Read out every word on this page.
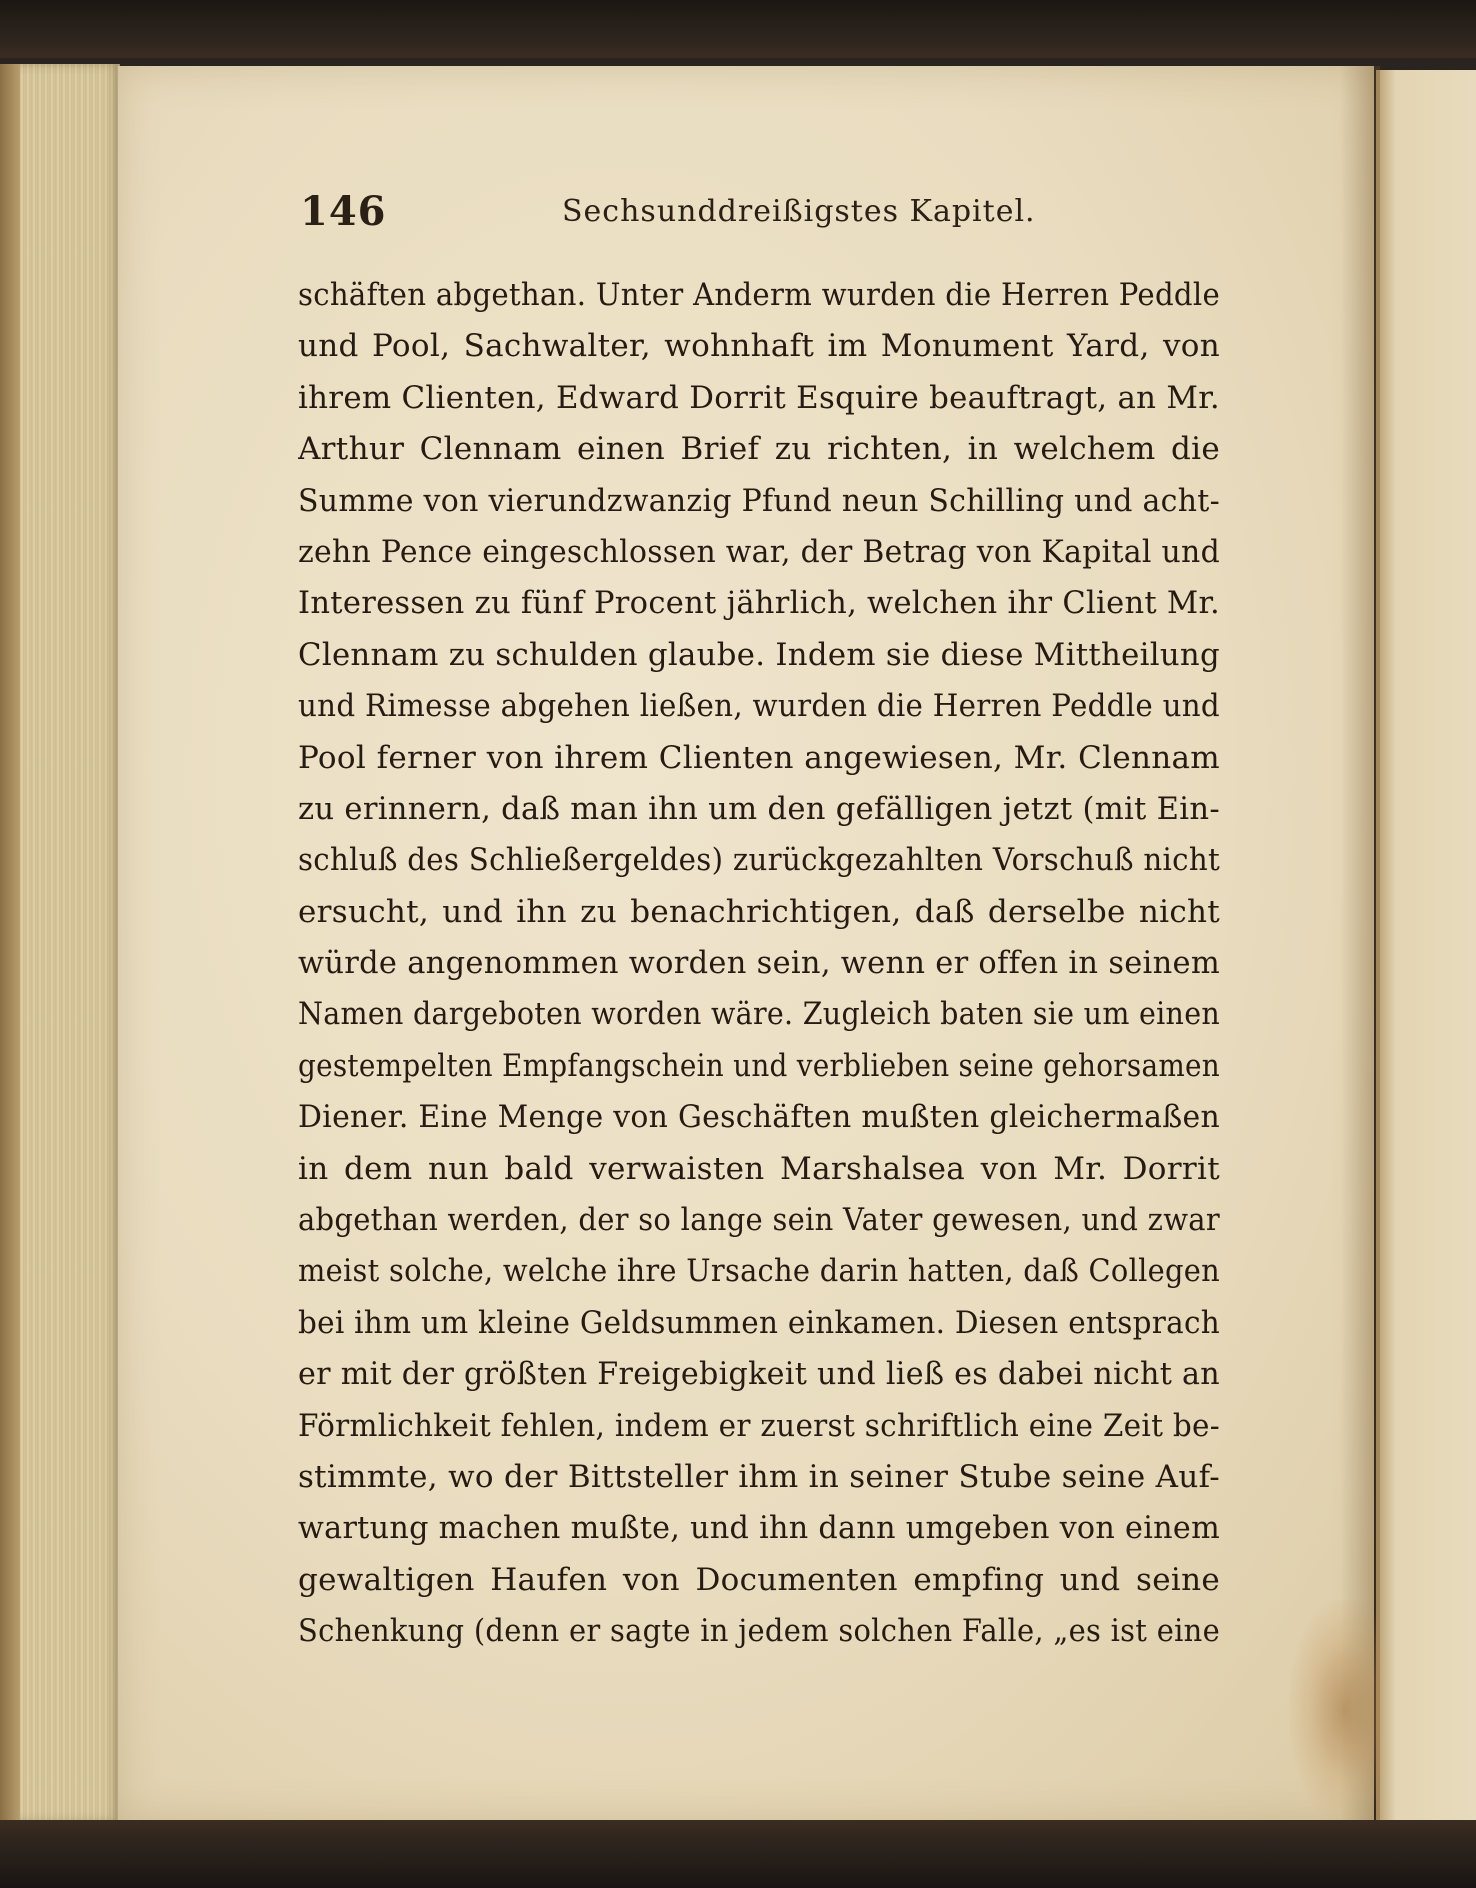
146	Sechsunddreißigstes Kapitel.
schäften abgethan. Unter Anderm wurden die Herren Peddle
und Pool, Sachwalter, wohnhaft im Monument Yard, von
ihrem Clienten, Edward Dorrit Esquire beauftragt, an Mr.
Arthur Clennam einen Brief zu richten, in welchem die
Summe von vierundzwanzig Pfund neun Schilling und acht-
zehn Pence eingeschlossen war, der Betrag von Kapital und
Interessen zu fünf Procent jährlich, welchen ihr Client Mr.
Clennam zu schulden glaube. Indem sie diese Mittheilung
und Rimesse abgehen ließen, wurden die Herren Peddle und
Pool ferner von ihrem Clienten angewiesen, Mr. Clennam
zu erinnern, daß man ihn um den gefälligen jetzt (mit Ein-
schluß des Schließergeldes) zurückgezahlten Vorschuß nicht
ersucht, und ihn zu benachrichtigen, daß derselbe nicht
würde angenommen worden sein, wenn er offen in seinem
Namen dargeboten worden wäre. Zugleich baten sie um einen
gestempelten Empfangschein und verblieben seine gehorsamen
Diener. Eine Menge von Geschäften mußten gleichermaßen
in dem nun bald verwaisten Marshalsea von Mr. Dorrit
abgethan werden, der so lange sein Vater gewesen, und zwar
meist solche, welche ihre Ursache darin hatten, daß Collegen
bei ihm um kleine Geldsummen einkamen. Diesen entsprach
er mit der größten Freigebigkeit und ließ es dabei nicht an
Förmlichkeit fehlen, indem er zuerst schriftlich eine Zeit be-
stimmte, wo der Bittsteller ihm in seiner Stube seine Auf-
wartung machen mußte, und ihn dann umgeben von einem
gewaltigen Haufen von Documenten empfing und seine
Schenkung (denn er sagte in jedem solchen Falle, „es ist eine
